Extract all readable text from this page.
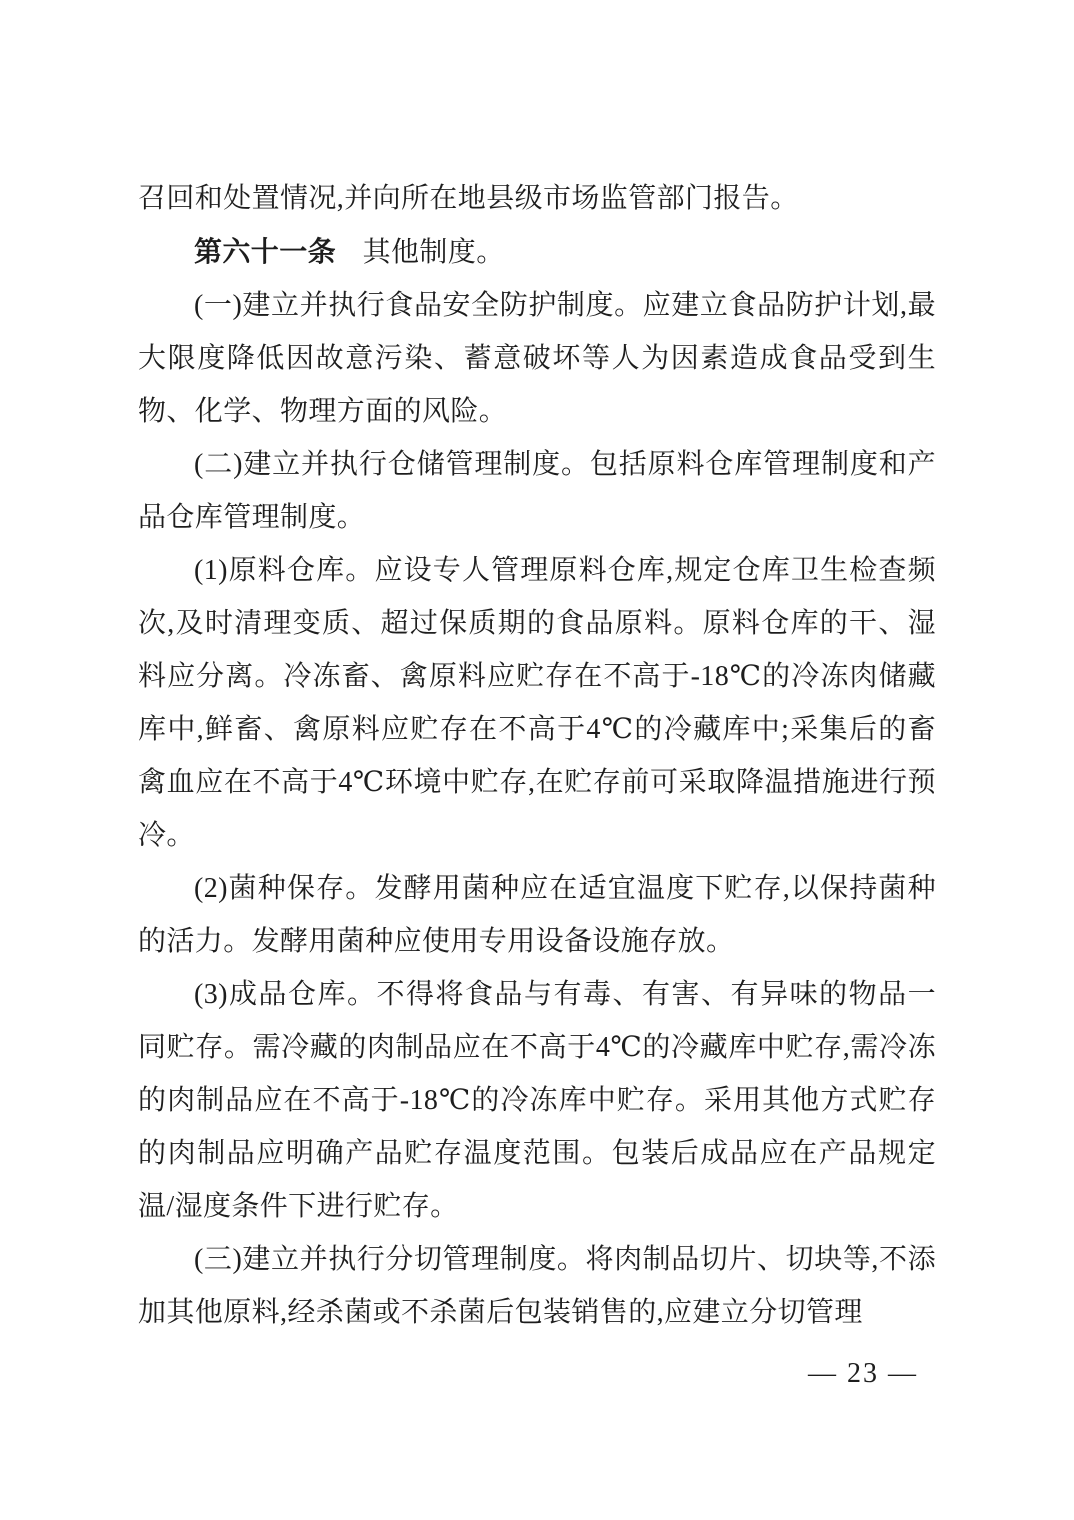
召回和处置情况,并向所在地县级市场监管部门报告。

第六十一条 其他制度。

(一)建立并执行食品安全防护制度。应建立食品防护计划,最大限度降低因故意污染、蓄意破坏等人为因素造成食品受到生物、化学、物理方面的风险。

(二)建立并执行仓储管理制度。包括原料仓库管理制度和产品仓库管理制度。

(1)原料仓库。应设专人管理原料仓库,规定仓库卫生检查频次,及时清理变质、超过保质期的食品原料。原料仓库的干、湿料应分离。冷冻畜、禽原料应贮存在不高于-18℃的冷冻肉储藏库中,鲜畜、禽原料应贮存在不高于4℃的冷藏库中;采集后的畜禽血应在不高于4℃环境中贮存,在贮存前可采取降温措施进行预冷。

(2)菌种保存。发酵用菌种应在适宜温度下贮存,以保持菌种的活力。发酵用菌种应使用专用设备设施存放。

(3)成品仓库。不得将食品与有毒、有害、有异味的物品一同贮存。需冷藏的肉制品应在不高于4℃的冷藏库中贮存,需冷冻的肉制品应在不高于-18℃的冷冻库中贮存。采用其他方式贮存的肉制品应明确产品贮存温度范围。包装后成品应在产品规定温/湿度条件下进行贮存。

(三)建立并执行分切管理制度。将肉制品切片、切块等,不添加其他原料,经杀菌或不杀菌后包装销售的,应建立分切管理

— 23 —
